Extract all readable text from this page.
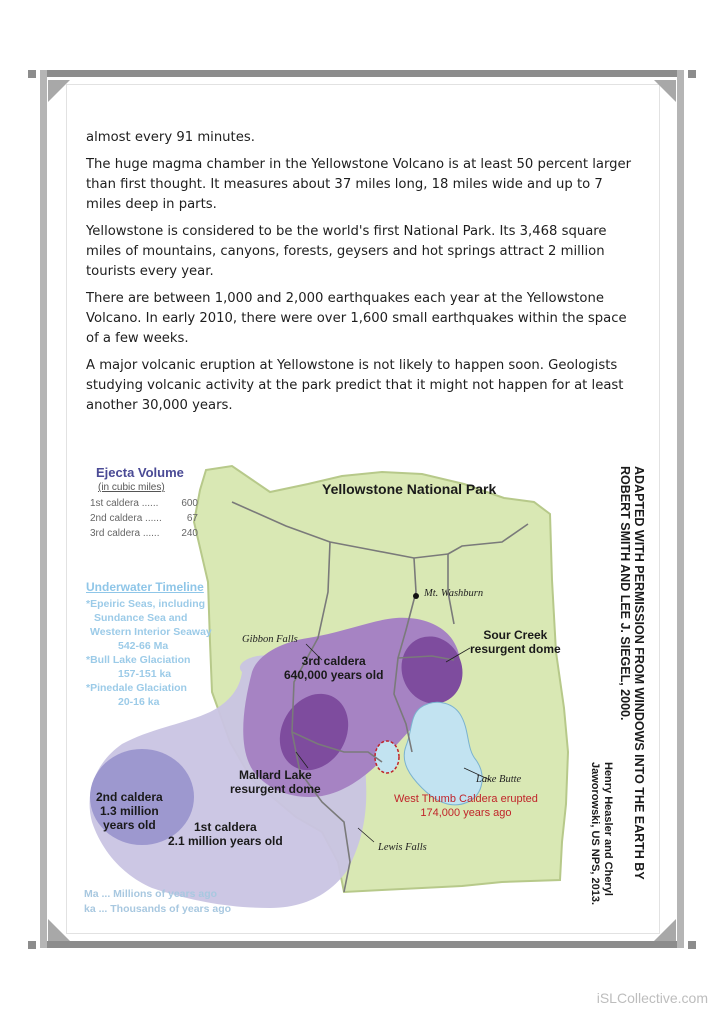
almost every 91 minutes.

The huge magma chamber in the Yellowstone Volcano is at least 50 percent larger than first thought. It measures about 37 miles long, 18 miles wide and up to 7 miles deep in parts.

Yellowstone is considered to be the world's first National Park. Its 3,468 square miles of mountains, canyons, forests, geysers and hot springs attract 2 million tourists every year.

There are between 1,000 and 2,000 earthquakes each year at the Yellowstone Volcano. In early 2010, there were over 1,600 small earthquakes within the space of a few weeks.

A major volcanic eruption at Yellowstone is not likely to happen soon. Geologists studying volcanic activity at the park predict that it might not happen for at least another 30,000 years.

Ejecta Volume
(in cubic miles)
1st caldera ...... 600
2nd caldera ......	67
3rd caldera ...... 240
Underwater Timeline
*Epeiric Seas, including
Sundance Sea and
Western Interior Seaway
542-66 Ma
*Bull Lake Glaciation
157-151 ka
*Pinedale Glaciation
20-16 ka
Yellowstone National Park
Mt. Washburn
Gibbon Falls
Lake Butte
Lewis Falls
Sour Creek
resurgent dome
3rd caldera
640,000 years old
Mallard Lake
resurgent dome
2nd caldera
1.3 million
years old	1st caldera
2.1 million years old
West Thumb Caldera erupted
174,000 years ago
Ma ... Millions of years ago
ka ... Thousands of years ago
ADAPTED WITH PERMISSION FROM WINDOWS INTO THE EARTH BY
ROBERT SMITH AND LEE J. SIEGEL, 2000.
Henry Heasler and Cheryl
Jaworowski, US NPS, 2013.
iSLCollective.com
